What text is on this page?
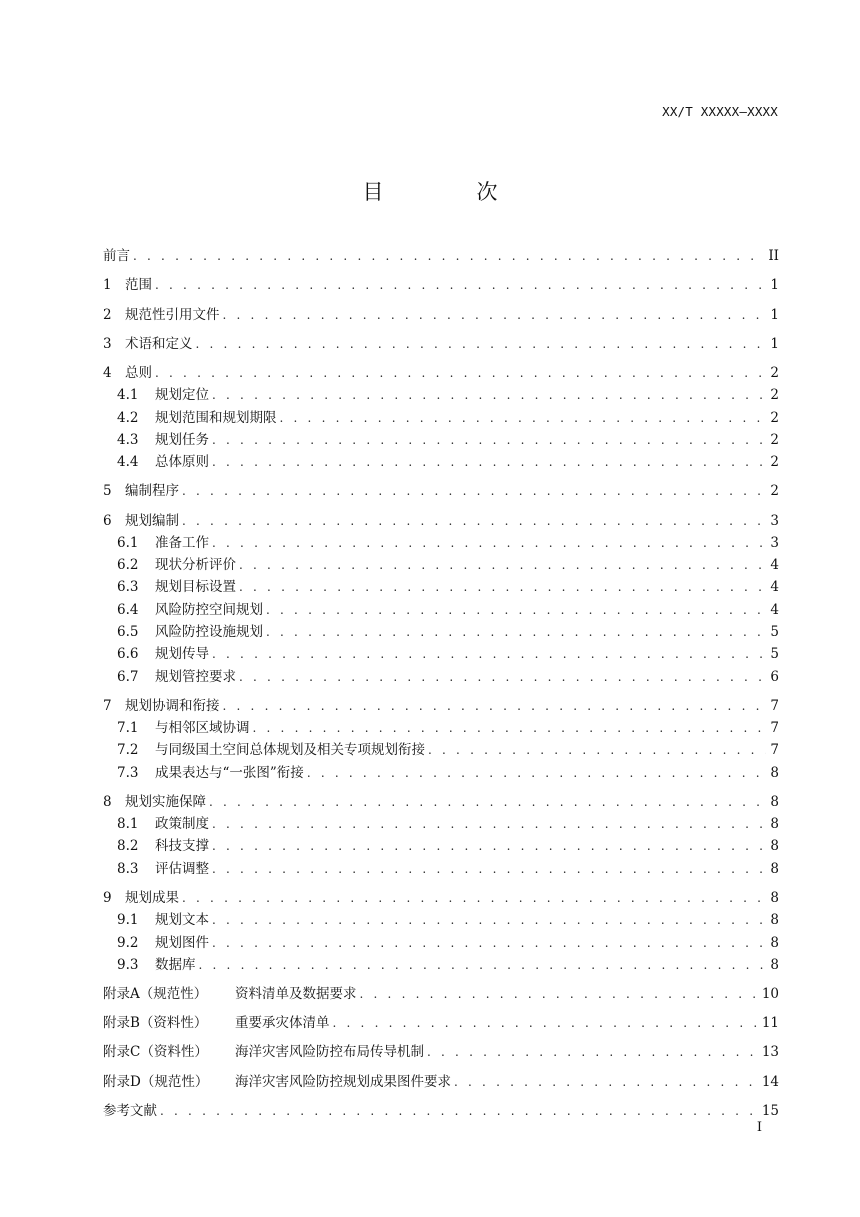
XX/T XXXXX—XXXX
目　次
前言 . . .	II
1 范围 . . .	1
2 规范性引用文件 . . .	1
3 术语和定义 . . .	1
4 总则 . . .	2
4.1	规划定位 . . .	2
4.2	规划范围和规划期限 . . .	2
4.3	规划任务 . . .	2
4.4	总体原则 . . .	2
5 编制程序 . . .	2
6 规划编制 . . .	3
6.1	准备工作 . . .	3
6.2	现状分析评价 . . .	4
6.3	规划目标设置 . . .	4
6.4	风险防控空间规划 . . .	4
6.5	风险防控设施规划 . . .	5
6.6	规划传导 . . .	5
6.7	规划管控要求 . . .	6
7 规划协调和衔接 . . .	7
7.1	与相邻区域协调 . . .	7
7.2	与同级国土空间总体规划及相关专项规划衔接 . . .	7
7.3	成果表达与“一张图”衔接 . . .	8
8 规划实施保障 . . .	8
8.1	政策制度 . . .	8
8.2	科技支撑 . . .	8
8.3	评估调整 . . .	8
9 规划成果 . . .	8
9.1	规划文本 . . .	8
9.2	规划图件 . . .	8
9.3	数据库 . . .	8
附录A（规范性）	资料清单及数据要求 . . .	10
附录B（资料性）	重要承灾体清单 . . .	11
附录C（资料性）	海洋灾害风险防控布局传导机制 . . .	13
附录D（规范性）	海洋灾害风险防控规划成果图件要求 . . .	14
参考文献 . . .	15
I
